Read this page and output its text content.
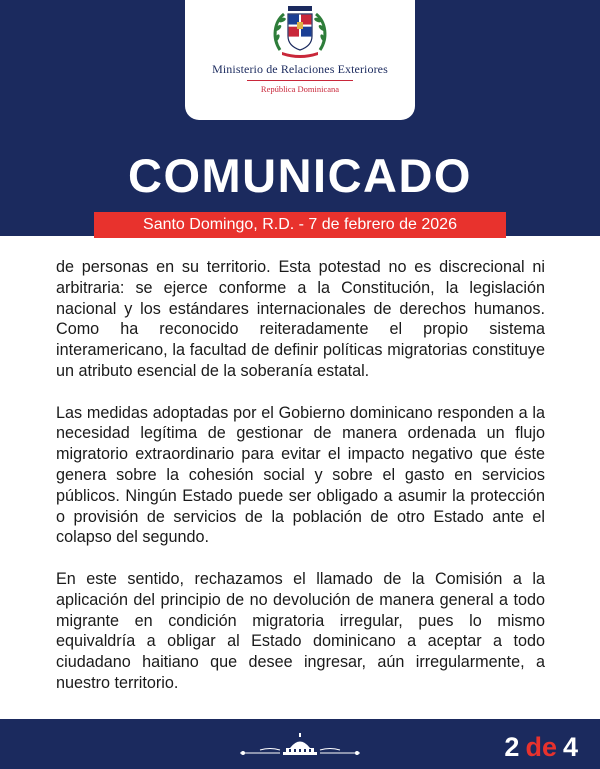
Ministerio de Relaciones Exteriores
República Dominicana
COMUNICADO
Santo Domingo, R.D. - 7 de febrero de 2026

de personas en su territorio. Esta potestad no es discrecional ni arbitraria: se ejerce conforme a la Constitución, la legislación nacional y los estándares internacionales de derechos humanos. Como ha reconocido reiteradamente el propio sistema interamericano, la facultad de definir políticas migratorias constituye un atributo esencial de la soberanía estatal.

Las medidas adoptadas por el Gobierno dominicano responden a la necesidad legítima de gestionar de manera ordenada un flujo migratorio extraordinario para evitar el impacto negativo que éste genera sobre la cohesión social y sobre el gasto en servicios públicos. Ningún Estado puede ser obligado a asumir la protección o provisión de servicios de la población de otro Estado ante el colapso del segundo.

En este sentido, rechazamos el llamado de la Comisión a la aplicación del principio de no devolución de manera general a todo migrante en condición migratoria irregular, pues lo mismo equivaldría a obligar al Estado dominicano a aceptar a todo ciudadano haitiano que desee ingresar, aún irregularmente, a nuestro territorio.

2 de 4
